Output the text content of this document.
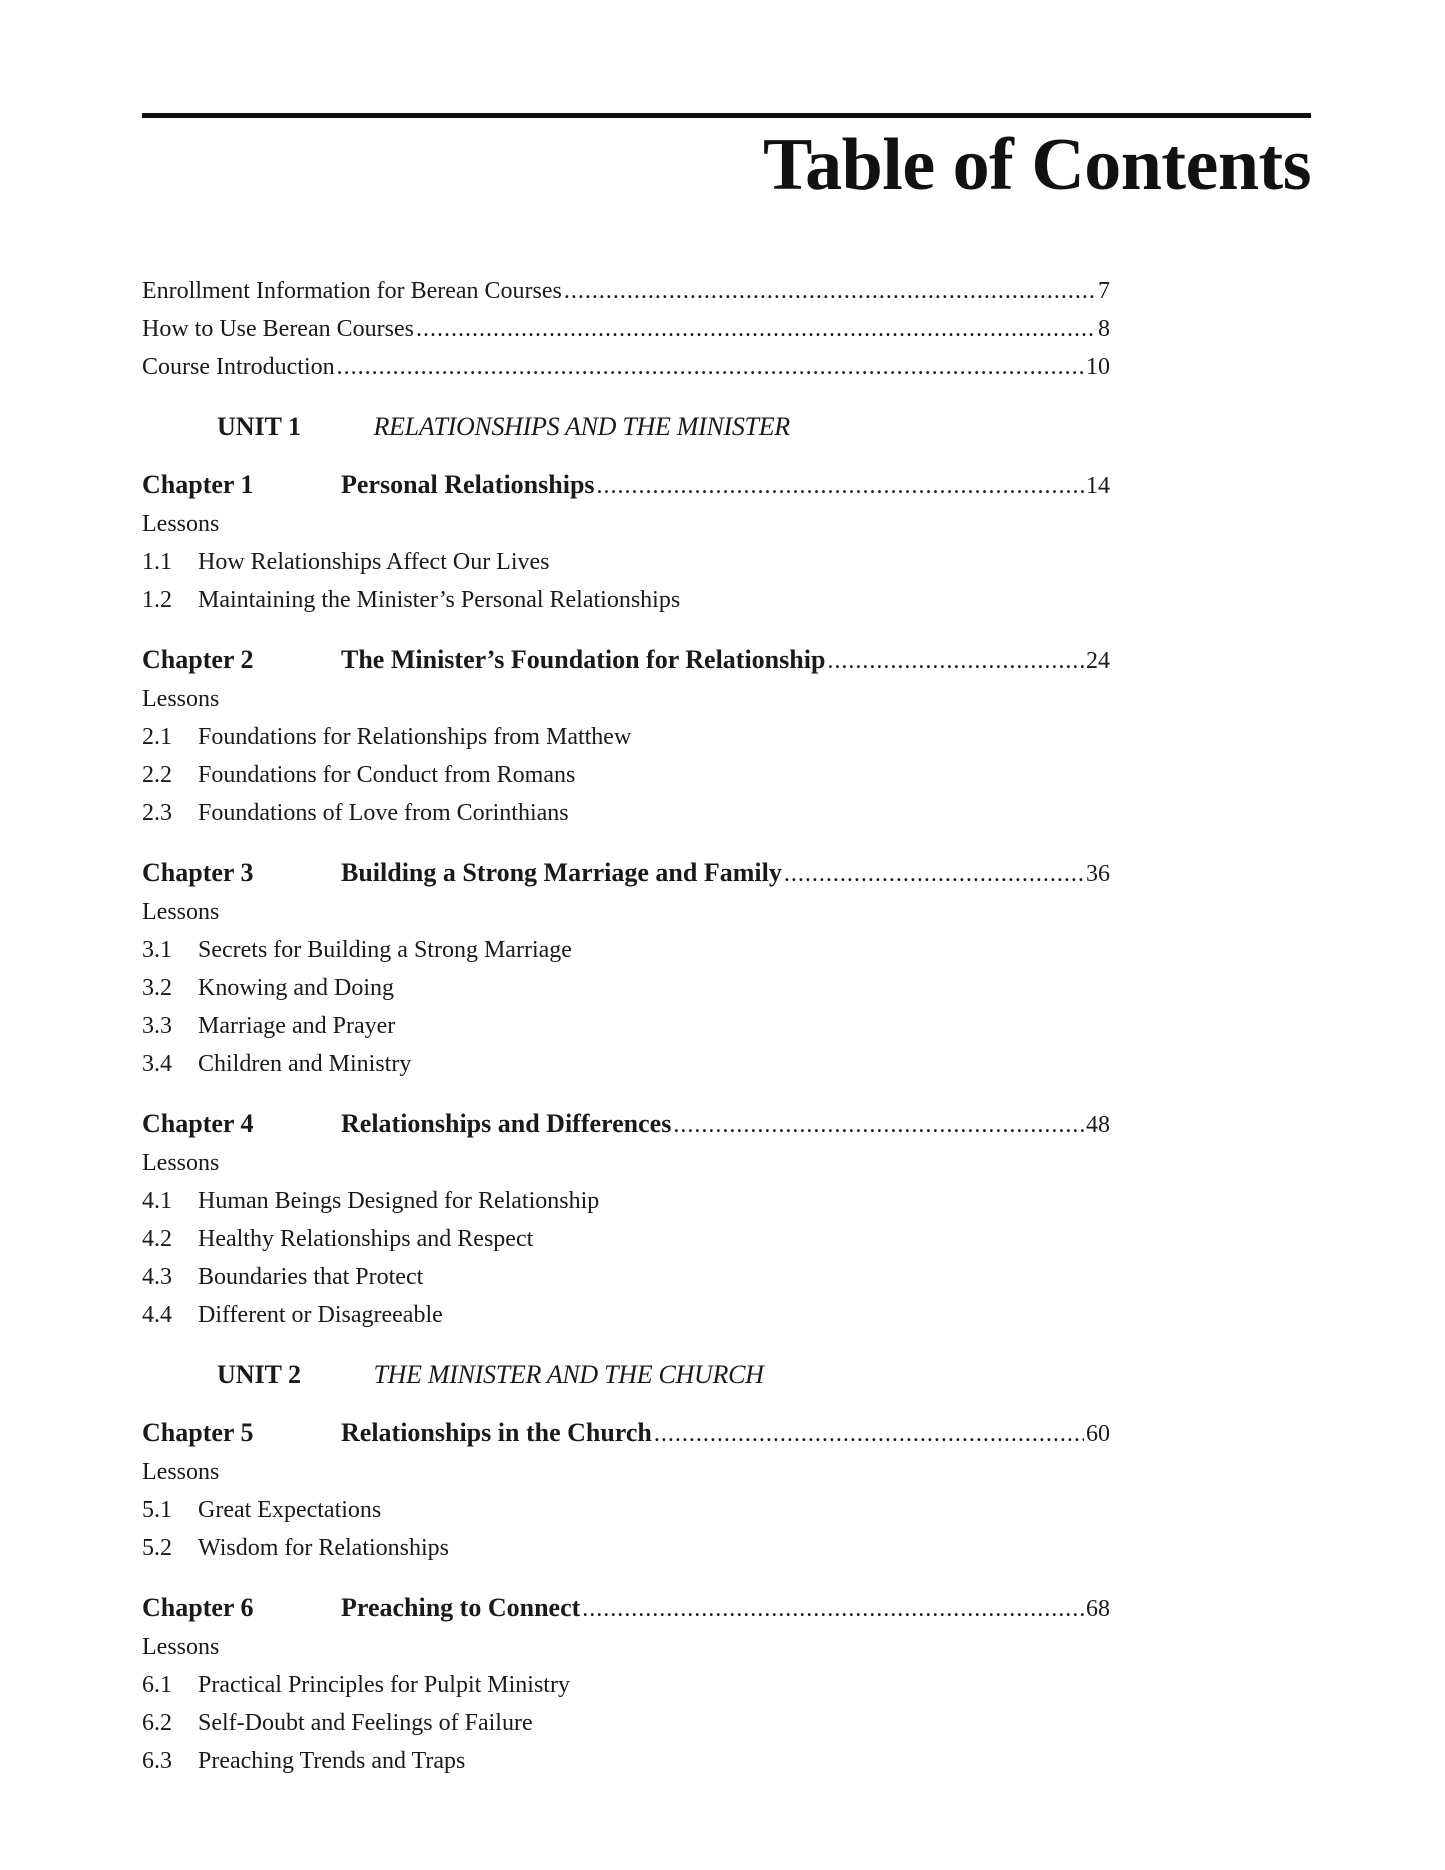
Table of Contents
Enrollment Information for Berean Courses .....	7
How to Use Berean Courses .....	8
Course Introduction .....	10
UNIT 1	RELATIONSHIPS AND THE MINISTER
Chapter 1	Personal Relationships .....	14
Lessons
1.1 How Relationships Affect Our Lives
1.2 Maintaining the Minister’s Personal Relationships
Chapter 2	The Minister’s Foundation for Relationship .....	24
Lessons
2.1 Foundations for Relationships from Matthew
2.2 Foundations for Conduct from Romans
2.3 Foundations of Love from Corinthians
Chapter 3	Building a Strong Marriage and Family .....	36
Lessons
3.1 Secrets for Building a Strong Marriage
3.2 Knowing and Doing
3.3 Marriage and Prayer
3.4 Children and Ministry
Chapter 4	Relationships and Differences .....	48
Lessons
4.1 Human Beings Designed for Relationship
4.2 Healthy Relationships and Respect
4.3 Boundaries that Protect
4.4 Different or Disagreeable
UNIT 2	THE MINISTER AND THE CHURCH
Chapter 5	Relationships in the Church .....	60
Lessons
5.1 Great Expectations
5.2 Wisdom for Relationships
Chapter 6	Preaching to Connect .....	68
Lessons
6.1 Practical Principles for Pulpit Ministry
6.2 Self-Doubt and Feelings of Failure
6.3 Preaching Trends and Traps
